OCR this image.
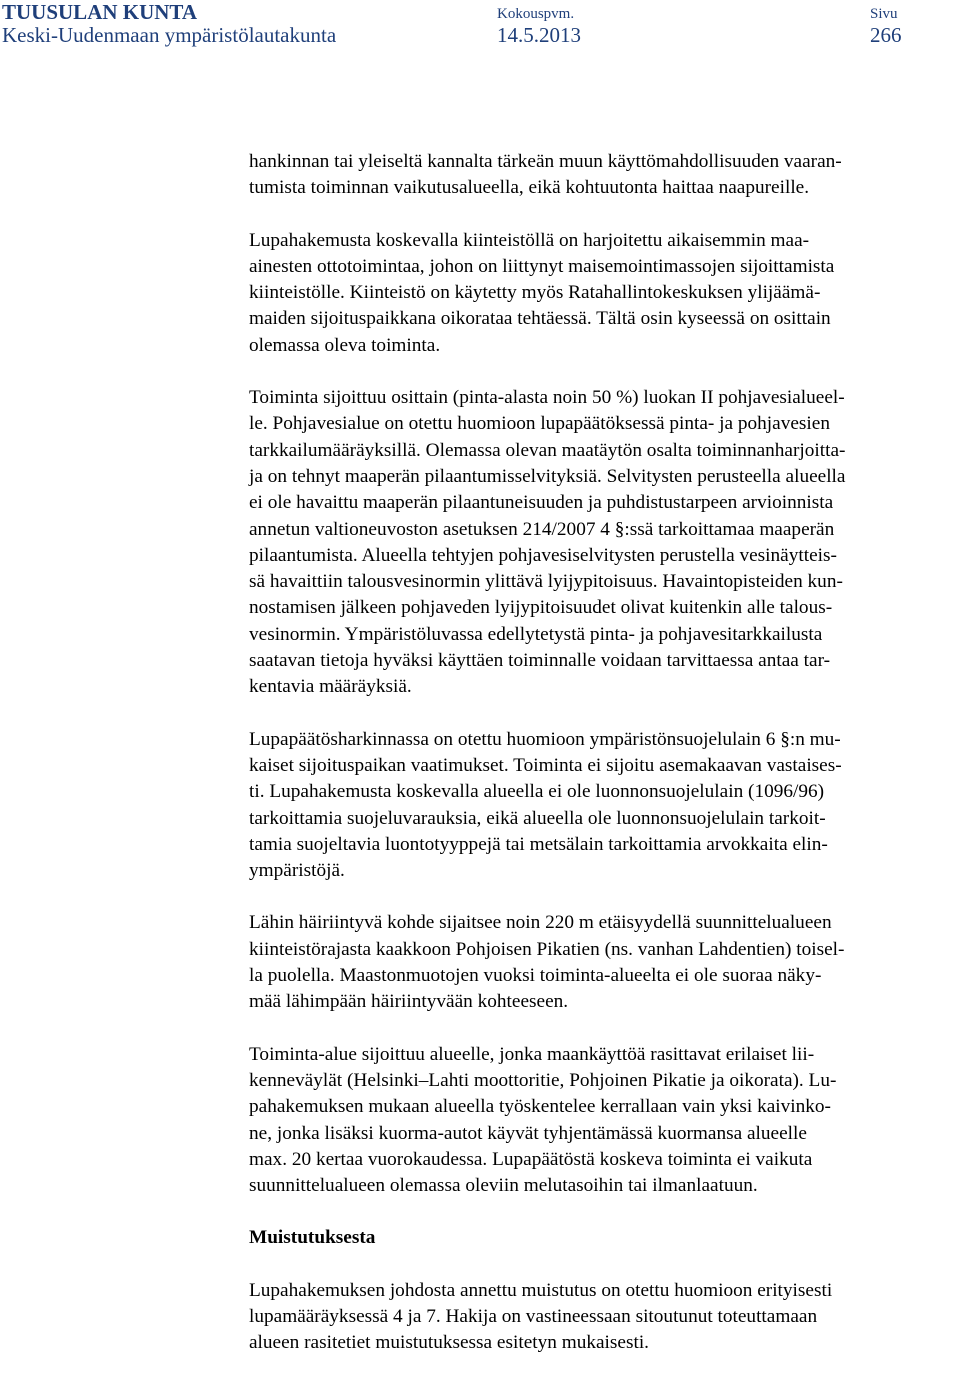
TUUSULAN KUNTA
Keski-Uudenmaan ympäristölautakunta
Kokouspvm.
14.5.2013
Sivu
266

hankinnan tai yleiseltä kannalta tärkeän muun käyttömahdollisuuden vaaran-
tumista toiminnan vaikutusalueella, eikä kohtuutonta haittaa naapureille.

Lupahakemusta koskevalla kiinteistöllä on harjoitettu aikaisemmin maa-
ainesten ottotoimintaa, johon on liittynyt maisemointimassojen sijoittamista
kiinteistölle. Kiinteistö on käytetty myös Ratahallintokeskuksen ylijäämä-
maiden sijoituspaikkana oikorataa tehtäessä. Tältä osin kyseessä on osittain
olemassa oleva toiminta.

Toiminta sijoittuu osittain (pinta-alasta noin 50 %) luokan II pohjavesialueel-
le. Pohjavesialue on otettu huomioon lupapäätöksessä pinta- ja pohjavesien
tarkkailumääräyksillä. Olemassa olevan maatäytön osalta toiminnanharjoitta-
ja on tehnyt maaperän pilaantumisselvityksiä. Selvitysten perusteella alueella
ei ole havaittu maaperän pilaantuneisuuden ja puhdistustarpeen arvioinnista
annetun valtioneuvoston asetuksen 214/2007 4 §:ssä tarkoittamaa maaperän
pilaantumista. Alueella tehtyjen pohjavesiselvitysten perustella vesinäytteis-
sä havaittiin talousvesinormin ylittävä lyijypitoisuus. Havaintopisteiden kun-
nostamisen jälkeen pohjaveden lyijypitoisuudet olivat kuitenkin alle talous-
vesinormin. Ympäristöluvassa edellytetystä pinta- ja pohjavesitarkkailusta
saatavan tietoja hyväksi käyttäen toiminnalle voidaan tarvittaessa antaa tar-
kentavia määräyksiä.

Lupapäätösharkinnassa on otettu huomioon ympäristönsuojelulain 6 §:n mu-
kaiset sijoituspaikan vaatimukset. Toiminta ei sijoitu asemakaavan vastaises-
ti. Lupahakemusta koskevalla alueella ei ole luonnonsuojelulain (1096/96)
tarkoittamia suojeluvarauksia, eikä alueella ole luonnonsuojelulain tarkoit-
tamia suojeltavia luontotyyppejä tai metsälain tarkoittamia arvokkaita elin-
ympäristöjä.

Lähin häiriintyvä kohde sijaitsee noin 220 m etäisyydellä suunnittelualueen
kiinteistörajasta kaakkoon Pohjoisen Pikatien (ns. vanhan Lahdentien) toisel-
la puolella. Maastonmuotojen vuoksi toiminta-alueelta ei ole suoraa näky-
mää lähimpään häiriintyvään kohteeseen.

Toiminta-alue sijoittuu alueelle, jonka maankäyttöä rasittavat erilaiset lii-
kenneväylät (Helsinki–Lahti moottoritie, Pohjoinen Pikatie ja oikorata). Lu-
pahakemuksen mukaan alueella työskentelee kerrallaan vain yksi kaivinko-
ne, jonka lisäksi kuorma-autot käyvät tyhjentämässä kuormansa alueelle
max. 20 kertaa vuorokaudessa. Lupapäätöstä koskeva toiminta ei vaikuta
suunnittelualueen olemassa oleviin melutasoihin tai ilmanlaatuun.

Muistutuksesta

Lupahakemuksen johdosta annettu muistutus on otettu huomioon erityisesti
lupamääräyksessä 4 ja 7. Hakija on vastineessaan sitoutunut toteuttamaan
alueen rasitetiet muistutuksessa esitetyn mukaisesti.
